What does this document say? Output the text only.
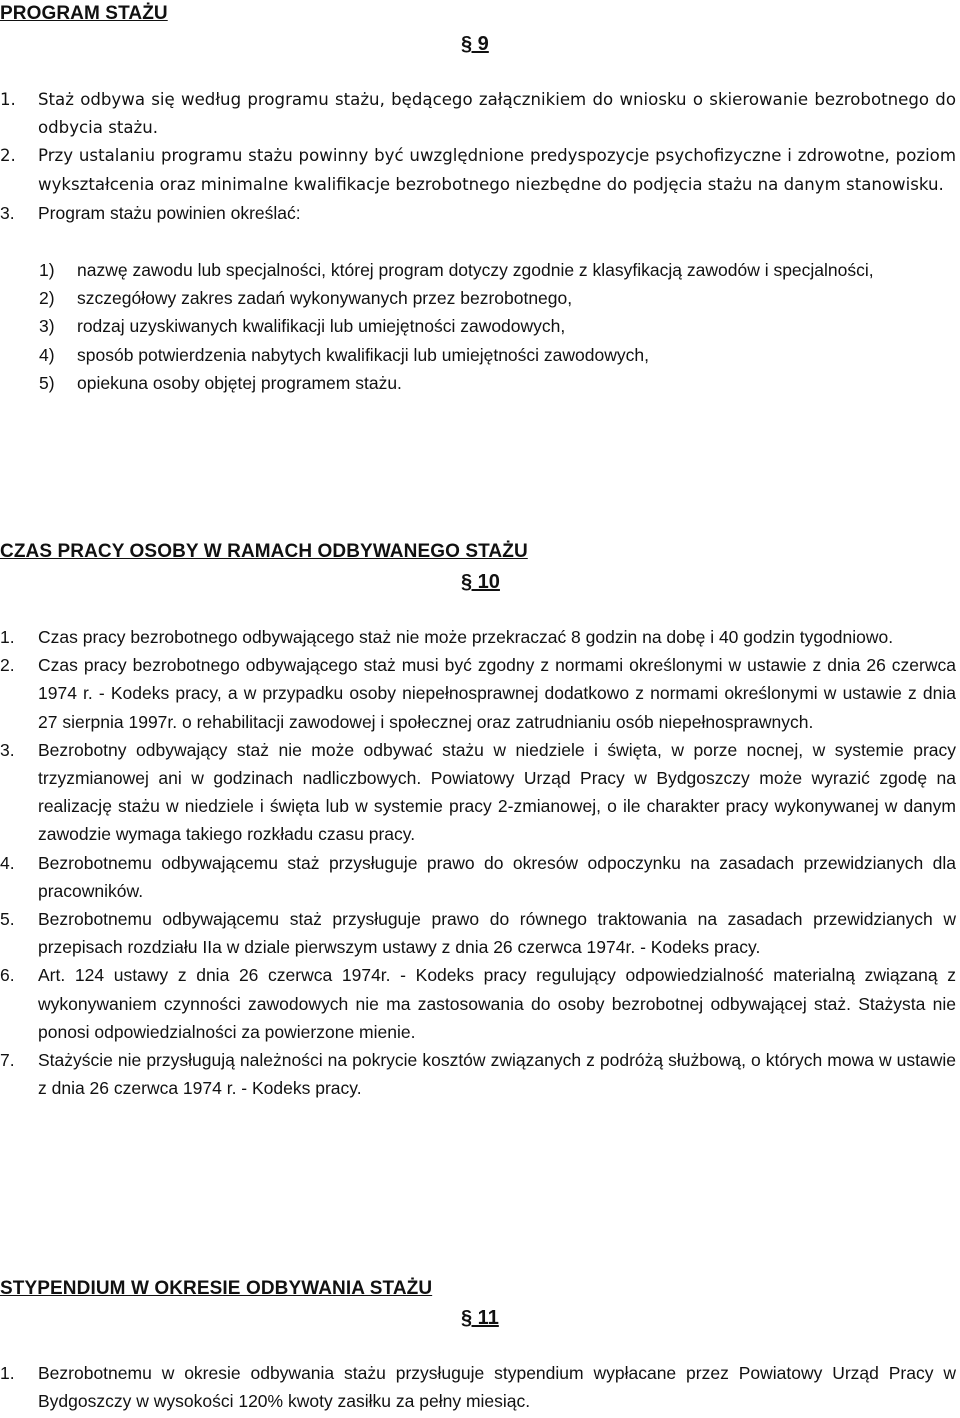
PROGRAM STAŻU
§ 9
1. Staż odbywa się według programu stażu, będącego załącznikiem do wniosku o skierowanie bezrobotnego do odbycia stażu.
2. Przy ustalaniu programu stażu powinny być uwzględnione predyspozycje psychofizyczne i zdrowotne, poziom wykształcenia oraz minimalne kwalifikacje bezrobotnego niezbędne do podjęcia stażu na danym stanowisku.
3. Program stażu powinien określać:
1) nazwę zawodu lub specjalności, której program dotyczy zgodnie z klasyfikacją zawodów i specjalności,
2) szczegółowy zakres zadań wykonywanych przez bezrobotnego,
3) rodzaj uzyskiwanych kwalifikacji lub umiejętności zawodowych,
4) sposób potwierdzenia nabytych kwalifikacji lub umiejętności zawodowych,
5) opiekuna osoby objętej programem stażu.
CZAS PRACY OSOBY W RAMACH ODBYWANEGO STAŻU
§ 10
1. Czas pracy bezrobotnego odbywającego staż nie może przekraczać 8 godzin na dobę i 40 godzin tygodniowo.
2. Czas pracy bezrobotnego odbywającego staż musi być zgodny z normami określonymi w ustawie z dnia 26 czerwca 1974 r. - Kodeks pracy, a w przypadku osoby niepełnosprawnej dodatkowo z normami określonymi w ustawie z dnia 27 sierpnia 1997r. o rehabilitacji zawodowej i społecznej oraz zatrudnianiu osób niepełnosprawnych.
3. Bezrobotny odbywający staż nie może odbywać stażu w niedziele i święta, w porze nocnej, w systemie pracy trzyzmianowej ani w godzinach nadliczbowych. Powiatowy Urząd Pracy w Bydgoszczy może wyrazić zgodę na realizację stażu w niedziele i święta lub w systemie pracy 2-zmianowej, o ile charakter pracy wykonywanej w danym zawodzie wymaga takiego rozkładu czasu pracy.
4. Bezrobotnemu odbywającemu staż przysługuje prawo do okresów odpoczynku na zasadach przewidzianych dla pracowników.
5. Bezrobotnemu odbywającemu staż przysługuje prawo do równego traktowania na zasadach przewidzianych w przepisach rozdziału IIa w dziale pierwszym ustawy z dnia 26 czerwca 1974r. - Kodeks pracy.
6. Art. 124 ustawy z dnia 26 czerwca 1974r. - Kodeks pracy regulujący odpowiedzialność materialną związaną z wykonywaniem czynności zawodowych nie ma zastosowania do osoby bezrobotnej odbywającej staż. Stażysta nie ponosi odpowiedzialności za powierzone mienie.
7. Stażyście nie przysługują należności na pokrycie kosztów związanych z podróżą służbową, o których mowa w ustawie z dnia 26 czerwca 1974 r. - Kodeks pracy.
STYPENDIUM W OKRESIE ODBYWANIA STAŻU
§ 11
1. Bezrobotnemu w okresie odbywania stażu przysługuje stypendium wypłacane przez Powiatowy Urząd Pracy w Bydgoszczy w wysokości 120% kwoty zasiłku za pełny miesiąc.
